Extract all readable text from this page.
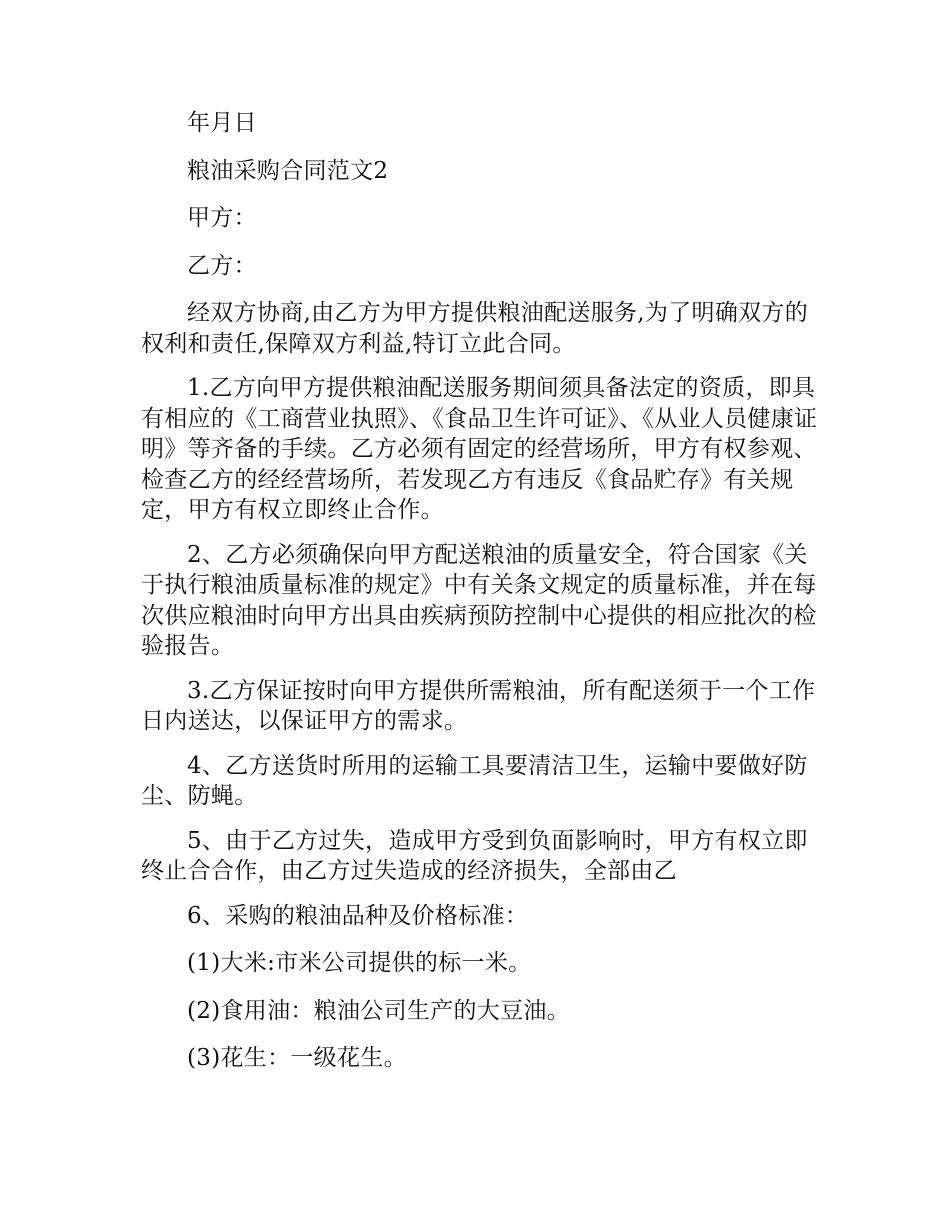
年月日

粮油采购合同范文2

甲方：

乙方：

经双方协商,由乙方为甲方提供粮油配送服务,为了明确双方的权利和责任,保障双方利益,特订立此合同。

1.乙方向甲方提供粮油配送服务期间须具备法定的资质，即具有相应的《工商营业执照》、《食品卫生许可证》、《从业人员健康证明》等齐备的手续。乙方必须有固定的经营场所，甲方有权参观、检查乙方的经经营场所，若发现乙方有违反《食品贮存》有关规定，甲方有权立即终止合作。

2、乙方必须确保向甲方配送粮油的质量安全，符合国家《关于执行粮油质量标准的规定》中有关条文规定的质量标准，并在每次供应粮油时向甲方出具由疾病预防控制中心提供的相应批次的检验报告。

3.乙方保证按时向甲方提供所需粮油，所有配送须于一个工作日内送达，以保证甲方的需求。

4、乙方送货时所用的运输工具要清洁卫生，运输中要做好防尘、防蝇。

5、由于乙方过失，造成甲方受到负面影响时，甲方有权立即终止合合作，由乙方过失造成的经济损失，全部由乙

6、采购的粮油品种及价格标准：

(1)大米:市米公司提供的标一米。

(2)食用油：粮油公司生产的大豆油。

(3)花生：一级花生。
